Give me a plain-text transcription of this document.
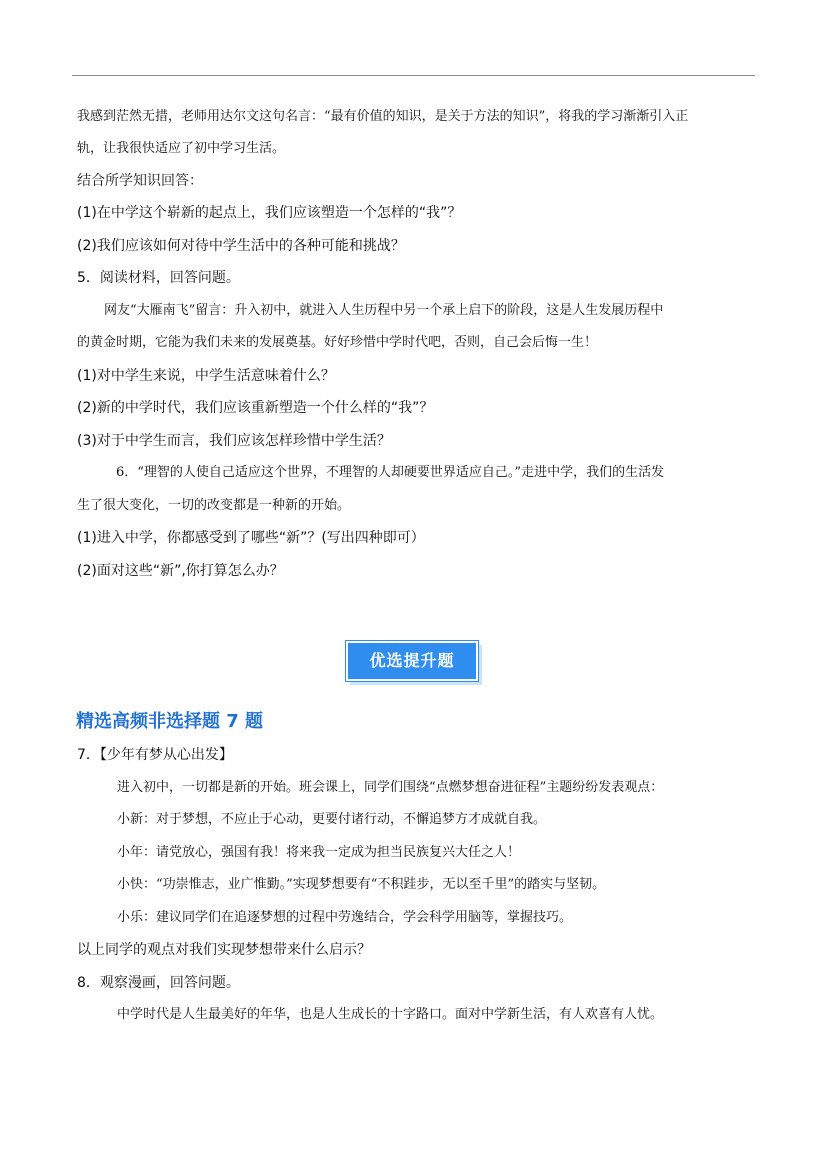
我感到茫然无措，老师用达尔文这句名言：“最有价值的知识，是关于方法的知识”，将我的学习渐渐引入正
轨，让我很快适应了初中学习生活。
结合所学知识回答：
(1)在中学这个崭新的起点上，我们应该塑造一个怎样的“我”？
(2)我们应该如何对待中学生活中的各种可能和挑战？
5．阅读材料，回答问题。
网友“大雁南飞”留言：升入初中，就进入人生历程中另一个承上启下的阶段，这是人生发展历程中
的黄金时期，它能为我们未来的发展奠基。好好珍惜中学时代吧，否则，自己会后悔一生！
(1)对中学生来说，中学生活意味着什么？
(2)新的中学时代，我们应该重新塑造一个什么样的“我”？
(3)对于中学生而言，我们应该怎样珍惜中学生活？
6．“理智的人使自己适应这个世界，不理智的人却硬要世界适应自己。”走进中学，我们的生活发
生了很大变化，一切的改变都是一种新的开始。
(1)进入中学，你都感受到了哪些“新”？(写出四种即可）
(2)面对这些“新”,你打算怎么办？
优选提升题
精选高频非选择题 7 题
7．【少年有梦从心出发】
进入初中，一切都是新的开始。班会课上，同学们围绕“点燃梦想奋进征程”主题纷纷发表观点：
小新：对于梦想，不应止于心动，更要付诸行动，不懈追梦方才成就自我。
小年：请党放心，强国有我！将来我一定成为担当民族复兴大任之人！
小快：“功崇惟志，业广惟勤。”实现梦想要有“不积跬步，无以至千里”的踏实与坚韧。
小乐：建议同学们在追逐梦想的过程中劳逸结合，学会科学用脑等，掌握技巧。
以上同学的观点对我们实现梦想带来什么启示？
8．观察漫画，回答问题。
中学时代是人生最美好的年华，也是人生成长的十字路口。面对中学新生活，有人欢喜有人忧。
